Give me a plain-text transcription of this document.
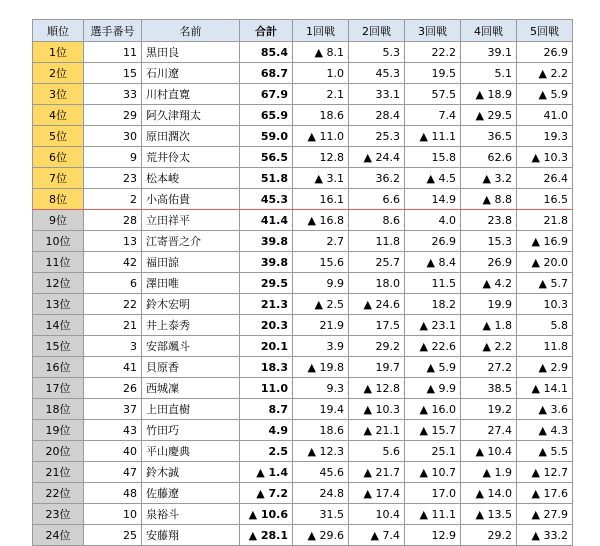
順位	選手番号	名前	合計	1回戦	2回戦	3回戦	4回戦	5回戦
1位	11	黒田良	85.4	▲ 8.1	5.3	22.2	39.1	26.9
2位	15	石川遼	68.7	1.0	45.3	19.5	5.1	▲ 2.2
3位	33	川村直寛	67.9	2.1	33.1	57.5	▲ 18.9	▲ 5.9
4位	29	阿久津翔太	65.9	18.6	28.4	7.4	▲ 29.5	41.0
5位	30	原田潤次	59.0	▲ 11.0	25.3	▲ 11.1	36.5	19.3
6位	9	荒井伶太	56.5	12.8	▲ 24.4	15.8	62.6	▲ 10.3
7位	23	松本峻	51.8	▲ 3.1	36.2	▲ 4.5	▲ 3.2	26.4
8位	2	小高佑貴	45.3	16.1	6.6	14.9	▲ 8.8	16.5
9位	28	立田祥平	41.4	▲ 16.8	8.6	4.0	23.8	21.8
10位	13	江寄晋之介	39.8	2.7	11.8	26.9	15.3	▲ 16.9
11位	42	福田諒	39.8	15.6	25.7	▲ 8.4	26.9	▲ 20.0
12位	6	澤田唯	29.5	9.9	18.0	11.5	▲ 4.2	▲ 5.7
13位	22	鈴木宏明	21.3	▲ 2.5	▲ 24.6	18.2	19.9	10.3
14位	21	井上泰秀	20.3	21.9	17.5	▲ 23.1	▲ 1.8	5.8
15位	3	安部颯斗	20.1	3.9	29.2	▲ 22.6	▲ 2.2	11.8
16位	41	貝原香	18.3	▲ 19.8	19.7	▲ 5.9	27.2	▲ 2.9
17位	26	西城凜	11.0	9.3	▲ 12.8	▲ 9.9	38.5	▲ 14.1
18位	37	上田直樹	8.7	19.4	▲ 10.3	▲ 16.0	19.2	▲ 3.6
19位	43	竹田巧	4.9	18.6	▲ 21.1	▲ 15.7	27.4	▲ 4.3
20位	40	平山慶典	2.5	▲ 12.3	5.6	25.1	▲ 10.4	▲ 5.5
21位	47	鈴木誠	▲ 1.4	45.6	▲ 21.7	▲ 10.7	▲ 1.9	▲ 12.7
22位	48	佐藤遼	▲ 7.2	24.8	▲ 17.4	17.0	▲ 14.0	▲ 17.6
23位	10	泉裕斗	▲ 10.6	31.5	10.4	▲ 11.1	▲ 13.5	▲ 27.9
24位	25	安藤翔	▲ 28.1	▲ 29.6	▲ 7.4	12.9	29.2	▲ 33.2
